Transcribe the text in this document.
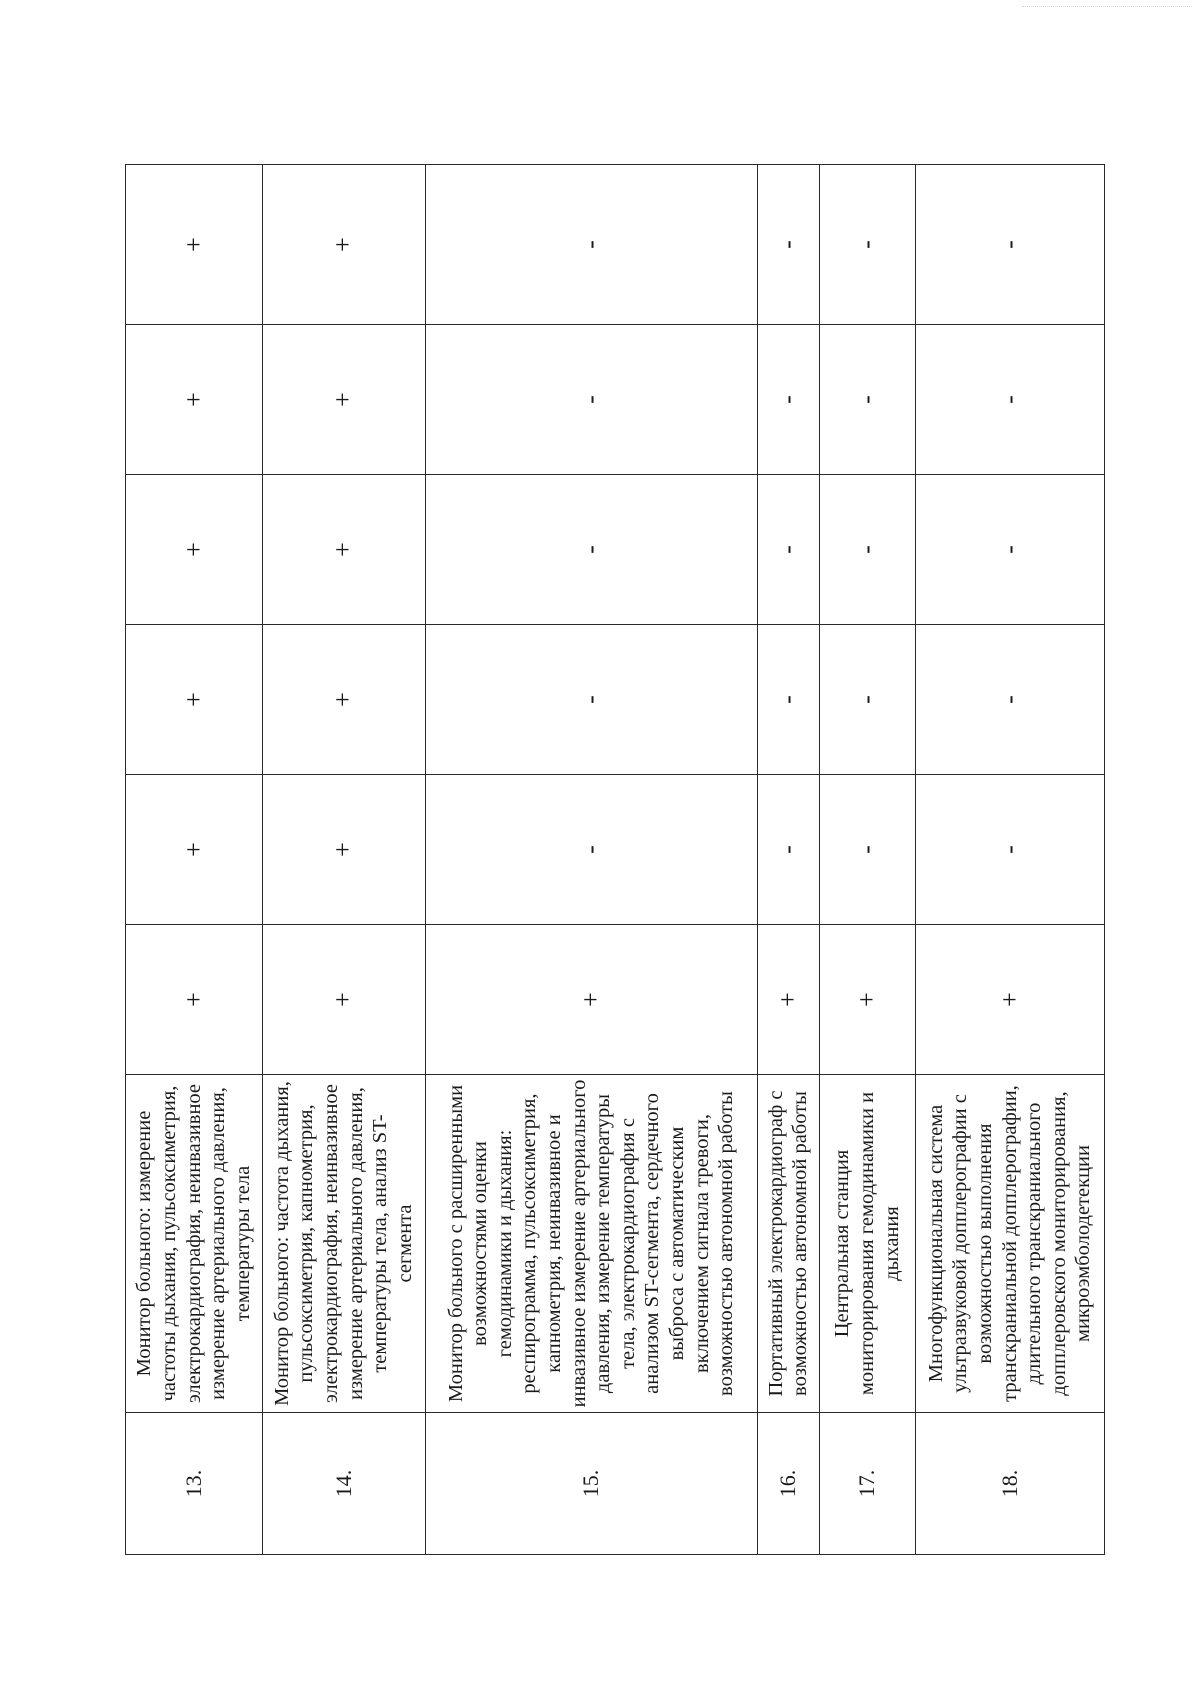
13.	Монитор больного: измерение частоты дыхания, пульсоксиметрия, электрокардиография, неинвазивное измерение артериального давления, температуры тела	+	+	+	+	+	+
14.	Монитор больного: частота дыхания, пульсоксиметрия, капнометрия, электрокардиография, неинвазивное измерение артериального давления, температуры тела, анализ ST-сегмента	+	+	+	+	+	+
15.	Монитор больного с расширенными возможностями оценки гемодинамики и дыхания: респирограмма, пульсоксиметрия, капнометрия, неинвазивное и инвазивное измерение артериального давления, измерение температуры тела, электрокардиография с анализом ST-сегмента, сердечного выброса с автоматическим включением сигнала тревоги, возможностью автономной работы	+	-	-	-	-	-
16.	Портативный электрокардиограф с возможностью автономной работы	+	-	-	-	-	-
17.	Центральная станция мониторирования гемодинамики и дыхания	+	-	-	-	-	-
18.	Многофункциональная система ультразвуковой допплерографии с возможностью выполнения транскраниальной допплерографии, длительного транскраниального допплеровского мониторирования, микроэмболодетекции	+	-	-	-	-	-
